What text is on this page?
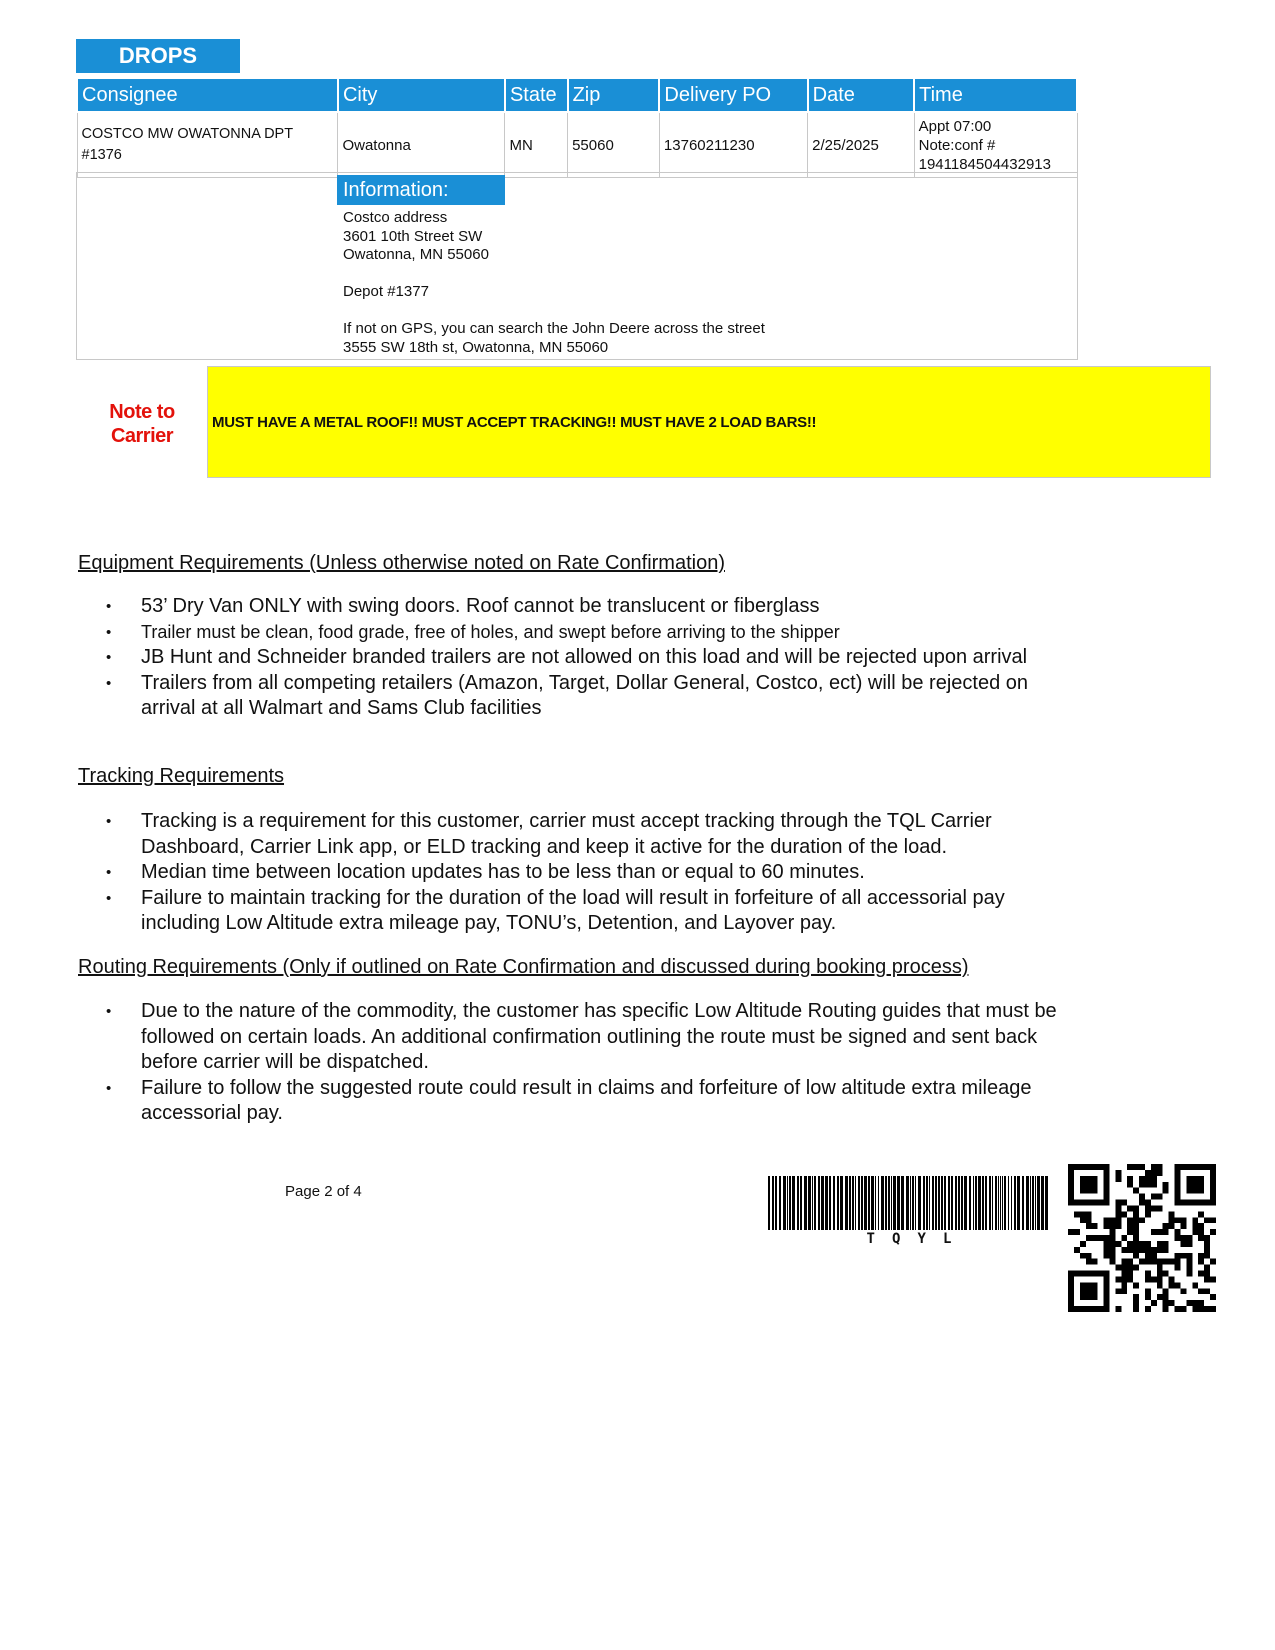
DROPS
Consignee	City	State	Zip	Delivery PO	Date	Time
COSTCO MW OWATONNA DPT #1376	Owatonna	MN	55060	13760211230	2/25/2025	Appt 07:00
Note:conf #
1941184504432913
Information:
Costco address
3601 10th Street SW
Owatonna, MN 55060
Depot #1377
If not on GPS, you can search the John Deere across the street
3555 SW 18th st, Owatonna, MN 55060
Note to
Carrier
MUST HAVE A METAL ROOF!! MUST ACCEPT TRACKING!! MUST HAVE 2 LOAD BARS!!
Equipment Requirements (Unless otherwise noted on Rate Confirmation)
• 53’ Dry Van ONLY with swing doors. Roof cannot be translucent or fiberglass
• Trailer must be clean, food grade, free of holes, and swept before arriving to the shipper
• JB Hunt and Schneider branded trailers are not allowed on this load and will be rejected upon arrival
• Trailers from all competing retailers (Amazon, Target, Dollar General, Costco, ect) will be rejected on arrival at all Walmart and Sams Club facilities
Tracking Requirements
• Tracking is a requirement for this customer, carrier must accept tracking through the TQL Carrier Dashboard, Carrier Link app, or ELD tracking and keep it active for the duration of the load.
• Median time between location updates has to be less than or equal to 60 minutes.
• Failure to maintain tracking for the duration of the load will result in forfeiture of all accessorial pay including Low Altitude extra mileage pay, TONU’s, Detention, and Layover pay.
Routing Requirements (Only if outlined on Rate Confirmation and discussed during booking process)
• Due to the nature of the commodity, the customer has specific Low Altitude Routing guides that must be followed on certain loads. An additional confirmation outlining the route must be signed and sent back before carrier will be dispatched.
• Failure to follow the suggested route could result in claims and forfeiture of low altitude extra mileage accessorial pay.
Page 2 of 4
T Q Y L
